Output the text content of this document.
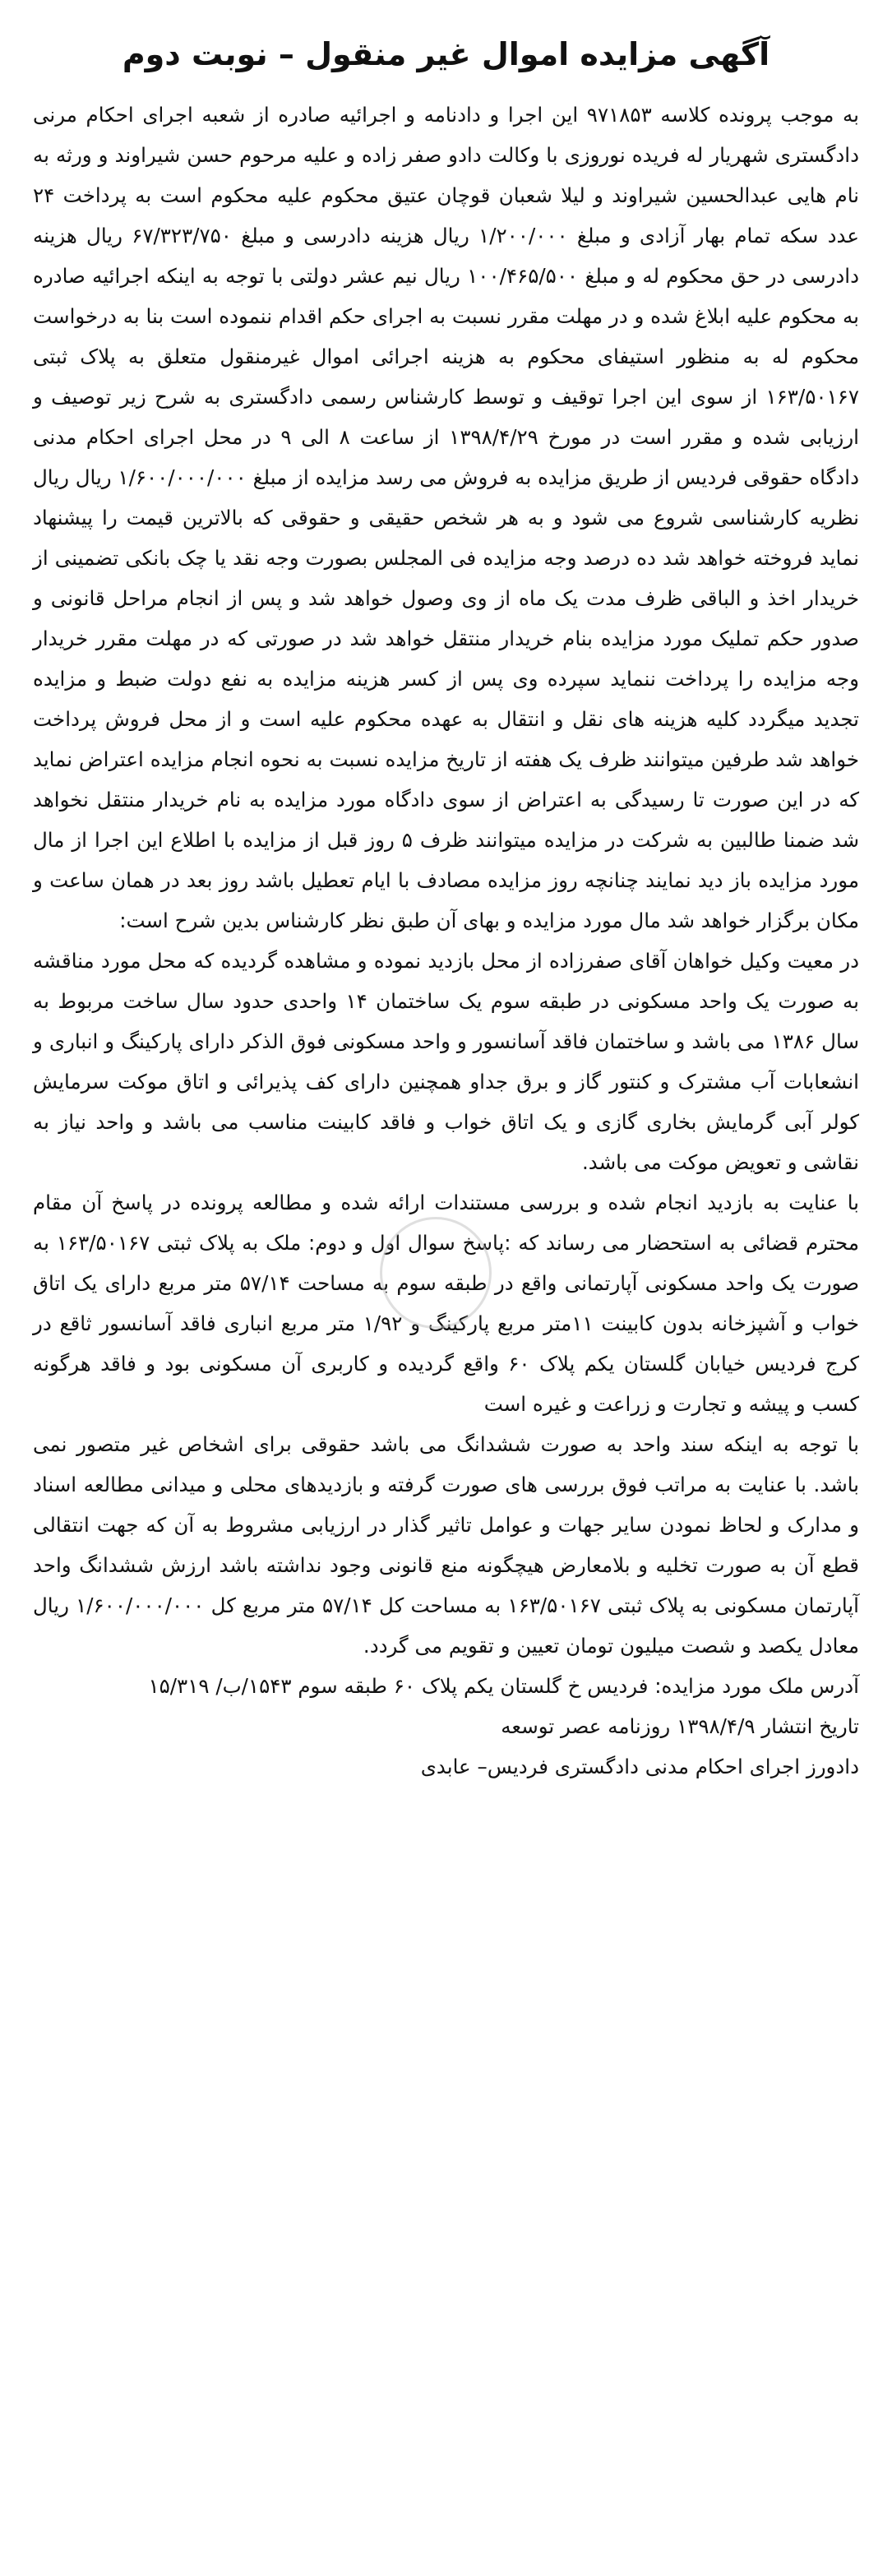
آگهی مزایده اموال غیر منقول – نوبت دوم

به موجب پرونده کلاسه ۹۷۱۸۵۳ این اجرا و دادنامه و اجرائیه صادره از شعبه اجرای احکام مرنی دادگستری شهریار له فریده نوروزی با وکالت دادو صفر زاده و علیه مرحوم حسن شیراوند و ورثه به نام هایی عبدالحسین شیراوند و لیلا شعبان قوچان عتیق محکوم علیه محکوم است به پرداخت ۲۴ عدد سکه تمام بهار آزادی و مبلغ ۱/۲۰۰/۰۰۰ ریال هزینه دادرسی و مبلغ ۶۷/۳۲۳/۷۵۰ ریال هزینه دادرسی در حق محکوم له و مبلغ ۱۰۰/۴۶۵/۵۰۰ ریال نیم عشر دولتی با توجه به اینکه اجرائیه صادره به محکوم علیه ابلاغ شده و در مهلت مقرر نسبت به اجرای حکم اقدام ننموده است بنا به درخواست محکوم له به منظور استیفای محکوم به هزینه اجرائی اموال غیرمنقول متعلق به پلاک ثبتی ۱۶۳/۵۰۱۶۷ از سوی این اجرا توقیف و توسط کارشناس رسمی دادگستری به شرح زیر توصیف و ارزیابی شده و مقرر است در مورخ ۱۳۹۸/۴/۲۹ از ساعت ۸ الی ۹ در محل اجرای احکام مدنی دادگاه حقوقی فردیس از طریق مزایده به فروش می رسد مزایده از مبلغ ۱/۶۰۰/۰۰۰/۰۰۰ ریال ریال نظریه کارشناسی شروع می شود و به هر شخص حقیقی و حقوقی که بالاترین قیمت را پیشنهاد نماید فروخته خواهد شد ده درصد وجه مزایده فی المجلس بصورت وجه نقد یا چک بانکی تضمینی از خریدار اخذ و الباقی ظرف مدت یک ماه از وی وصول خواهد شد و پس از انجام مراحل قانونی و صدور حکم تملیک مورد مزایده بنام خریدار منتقل خواهد شد در صورتی که در مهلت مقرر خریدار وجه مزایده را پرداخت ننماید سپرده وی پس از کسر هزینه مزایده به نفع دولت ضبط و مزایده تجدید میگردد کلیه هزینه های نقل و انتقال به عهده محکوم علیه است و از محل فروش پرداخت خواهد شد طرفین میتوانند ظرف یک هفته از تاریخ مزایده نسبت به نحوه انجام مزایده اعتراض نماید که در این صورت تا رسیدگی به اعتراض از سوی دادگاه مورد مزایده به نام خریدار منتقل نخواهد شد ضمنا طالبین به شرکت در مزایده میتوانند ظرف ۵ روز قبل از مزایده با اطلاع این اجرا از مال مورد مزایده باز دید نمایند چنانچه روز مزایده مصادف با ایام تعطیل باشد روز بعد در همان ساعت و مکان برگزار خواهد شد مال مورد مزایده و بهای آن طبق نظر کارشناس بدین شرح است:

در معیت وکیل خواهان آقای صفرزاده از محل بازدید نموده و مشاهده گردیده که محل مورد مناقشه به صورت یک واحد مسکونی در طبقه سوم یک ساختمان ۱۴ واحدی حدود سال ساخت مربوط به سال ۱۳۸۶ می باشد و ساختمان فاقد آسانسور و واحد مسکونی فوق الذکر دارای پارکینگ و انباری و انشعابات آب مشترک و کنتور گاز و برق جداو همچنین دارای کف پذیرائی و اتاق موکت سرمایش کولر آبی گرمایش بخاری گازی و یک اتاق خواب و فاقد کابینت مناسب می باشد و واحد نیاز به نقاشی و تعویض موکت می باشد.

با عنایت به بازدید انجام شده و بررسی مستندات ارائه شده و مطالعه پرونده در پاسخ آن مقام محترم قضائی به استحضار می رساند که :پاسخ سوال اول و دوم: ملک به پلاک ثبتی ۱۶۳/۵۰۱۶۷ به صورت یک واحد مسکونی آپارتمانی واقع در طبقه سوم به مساحت ۵۷/۱۴ متر مربع دارای یک اتاق خواب و آشپزخانه بدون کابینت ۱۱متر مربع پارکینگ و ۱/۹۲ متر مربع انباری فاقد آسانسور ثاقع در کرج فردیس خیابان گلستان یکم پلاک ۶۰ واقع گردیده و کاربری آن مسکونی بود و فاقد هرگونه کسب و پیشه و تجارت و زراعت و غیره است

با توجه به اینکه سند واحد به صورت ششدانگ می باشد حقوقی برای اشخاص غیر متصور نمی باشد. با عنایت به مراتب فوق بررسی های صورت گرفته و بازدیدهای محلی و میدانی مطالعه اسناد و مدارک و لحاظ نمودن سایر جهات و عوامل تاثیر گذار در ارزیابی مشروط به آن که جهت انتقالی قطع آن به صورت تخلیه و بلامعارض هیچگونه منع قانونی وجود نداشته باشد ارزش ششدانگ واحد آپارتمان مسکونی به پلاک ثبتی ۱۶۳/۵۰۱۶۷ به مساحت کل ۵۷/۱۴ متر مربع کل ۱/۶۰۰/۰۰۰/۰۰۰ ریال معادل یکصد و شصت میلیون تومان تعیین و تقویم می گردد.

آدرس ملک مورد مزایده: فردیس خ گلستان یکم پلاک ۶۰ طبقه سوم ۱۵۴۳/ب/ ۱۵/۳۱۹

تاریخ انتشار ۱۳۹۸/۴/۹ روزنامه عصر توسعه

دادورز اجرای احکام مدنی دادگستری فردیس– عابدی
